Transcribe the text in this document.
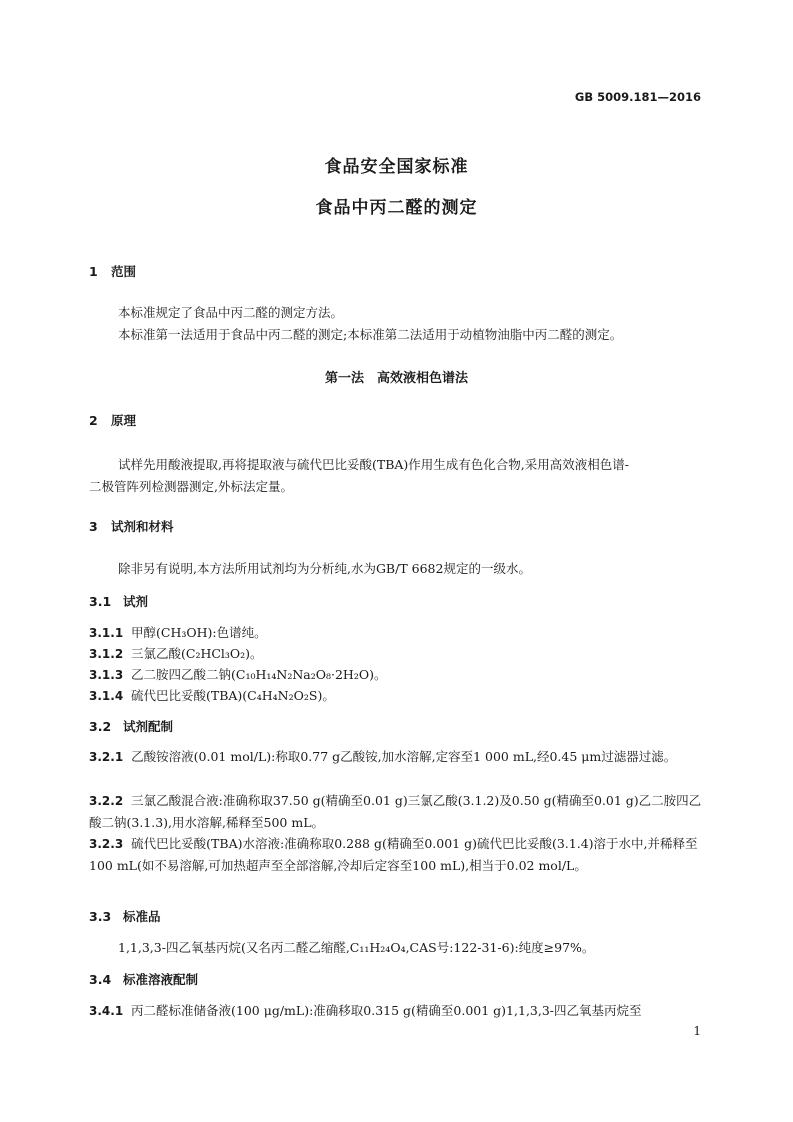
GB 5009.181—2016
食品安全国家标准
食品中丙二醛的测定
1 范围
本标准规定了食品中丙二醛的测定方法。
本标准第一法适用于食品中丙二醛的测定;本标准第二法适用于动植物油脂中丙二醛的测定。
第一法　高效液相色谱法
2 原理
试样先用酸液提取,再将提取液与硫代巴比妥酸(TBA)作用生成有色化合物,采用高效液相色谱-
二极管阵列检测器测定,外标法定量。
3 试剂和材料
除非另有说明,本方法所用试剂均为分析纯,水为GB/T 6682规定的一级水。
3.1 试剂
3.1.1 甲醇(CH₃OH):色谱纯。
3.1.2 三氯乙酸(C₂HCl₃O₂)。
3.1.3 乙二胺四乙酸二钠(C₁₀H₁₄N₂Na₂O₈·2H₂O)。
3.1.4 硫代巴比妥酸(TBA)(C₄H₄N₂O₂S)。
3.2 试剂配制
3.2.1 乙酸铵溶液(0.01 mol/L):称取0.77 g乙酸铵,加水溶解,定容至1 000 mL,经0.45 μm过滤器过滤。
3.2.2 三氯乙酸混合液:准确称取37.50 g(精确至0.01 g)三氯乙酸(3.1.2)及0.50 g(精确至0.01 g)乙二胺四乙酸二钠(3.1.3),用水溶解,稀释至500 mL。
3.2.3 硫代巴比妥酸(TBA)水溶液:准确称取0.288 g(精确至0.001 g)硫代巴比妥酸(3.1.4)溶于水中,并稀释至100 mL(如不易溶解,可加热超声至全部溶解,冷却后定容至100 mL),相当于0.02 mol/L。
3.3 标准品
1,1,3,3-四乙氧基丙烷(又名丙二醛乙缩醛,C₁₁H₂₄O₄,CAS号:122-31-6):纯度≥97%。
3.4 标准溶液配制
3.4.1 丙二醛标准储备液(100 μg/mL):准确移取0.315 g(精确至0.001 g)1,1,3,3-四乙氧基丙烷至
1
